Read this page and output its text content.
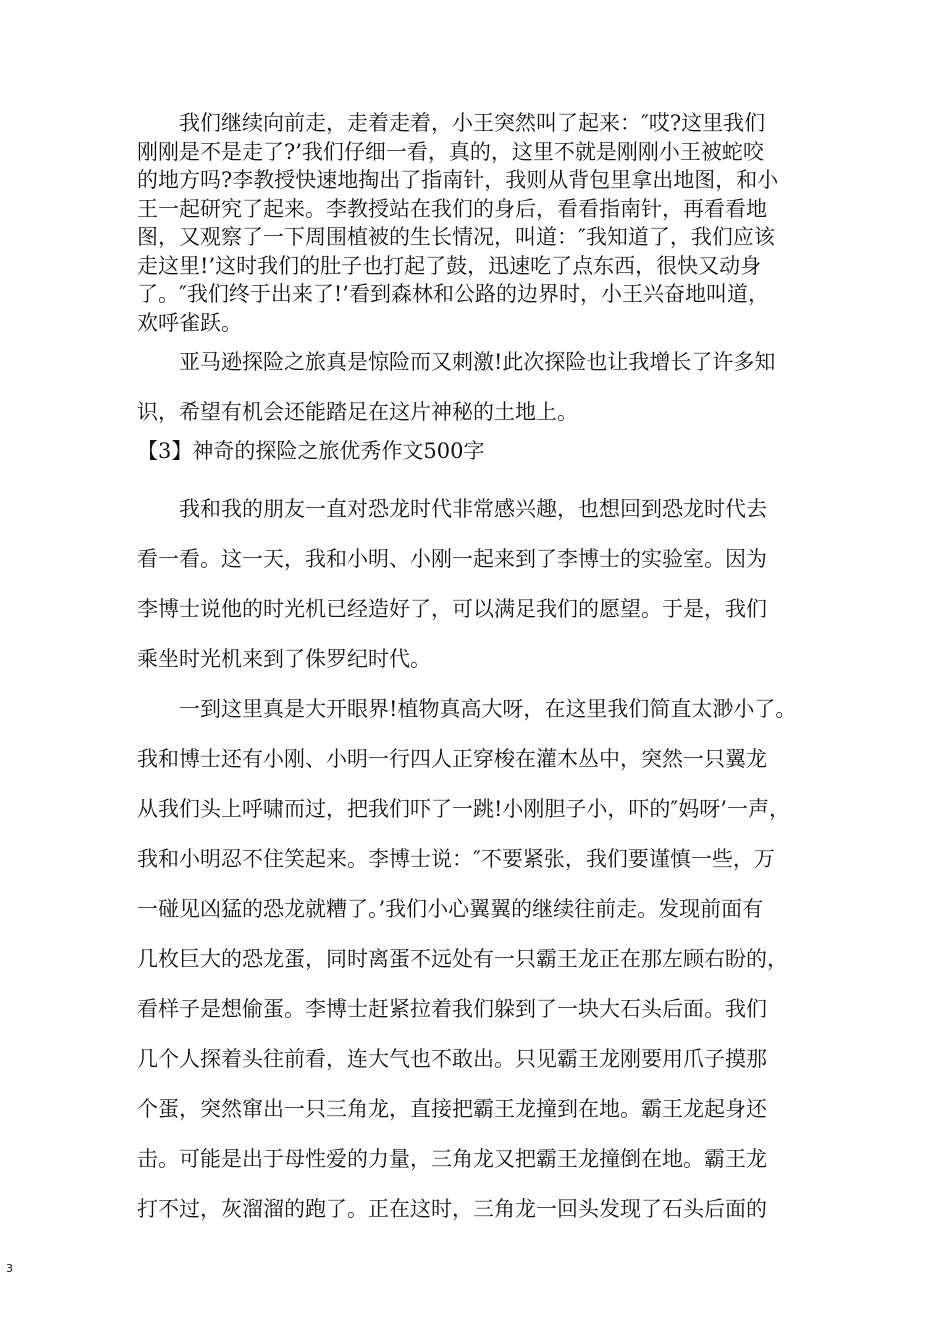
　　我们继续向前走，走着走着，小王突然叫了起来：″哎?这里我们
刚刚是不是走了?’我们仔细一看，真的，这里不就是刚刚小王被蛇咬
的地方吗?李教授快速地掏出了指南针，我则从背包里拿出地图，和小
王一起研究了起来。李教授站在我们的身后，看看指南针，再看看地
图，又观察了一下周围植被的生长情况，叫道：″我知道了，我们应该
走这里!’这时我们的肚子也打起了鼓，迅速吃了点东西，很快又动身
了。″我们终于出来了!’看到森林和公路的边界时，小王兴奋地叫道，
欢呼雀跃。

　　亚马逊探险之旅真是惊险而又刺激!此次探险也让我增长了许多知
识，希望有机会还能踏足在这片神秘的土地上。

【3】神奇的探险之旅优秀作文500字

　　我和我的朋友一直对恐龙时代非常感兴趣，也想回到恐龙时代去
看一看。这一天，我和小明、小刚一起来到了李博士的实验室。因为
李博士说他的时光机已经造好了，可以满足我们的愿望。于是，我们
乘坐时光机来到了侏罗纪时代。

　　一到这里真是大开眼界!植物真高大呀，在这里我们简直太渺小了。
我和博士还有小刚、小明一行四人正穿梭在灌木丛中，突然一只翼龙
从我们头上呼啸而过，把我们吓了一跳!小刚胆子小，吓的″妈呀’一声，
我和小明忍不住笑起来。李博士说：″不要紧张，我们要谨慎一些，万
一碰见凶猛的恐龙就糟了。’我们小心翼翼的继续往前走。发现前面有
几枚巨大的恐龙蛋，同时离蛋不远处有一只霸王龙正在那左顾右盼的，
看样子是想偷蛋。李博士赶紧拉着我们躲到了一块大石头后面。我们
几个人探着头往前看，连大气也不敢出。只见霸王龙刚要用爪子摸那
个蛋，突然窜出一只三角龙，直接把霸王龙撞到在地。霸王龙起身还
击。可能是出于母性爱的力量，三角龙又把霸王龙撞倒在地。霸王龙
打不过，灰溜溜的跑了。正在这时，三角龙一回头发现了石头后面的

3
